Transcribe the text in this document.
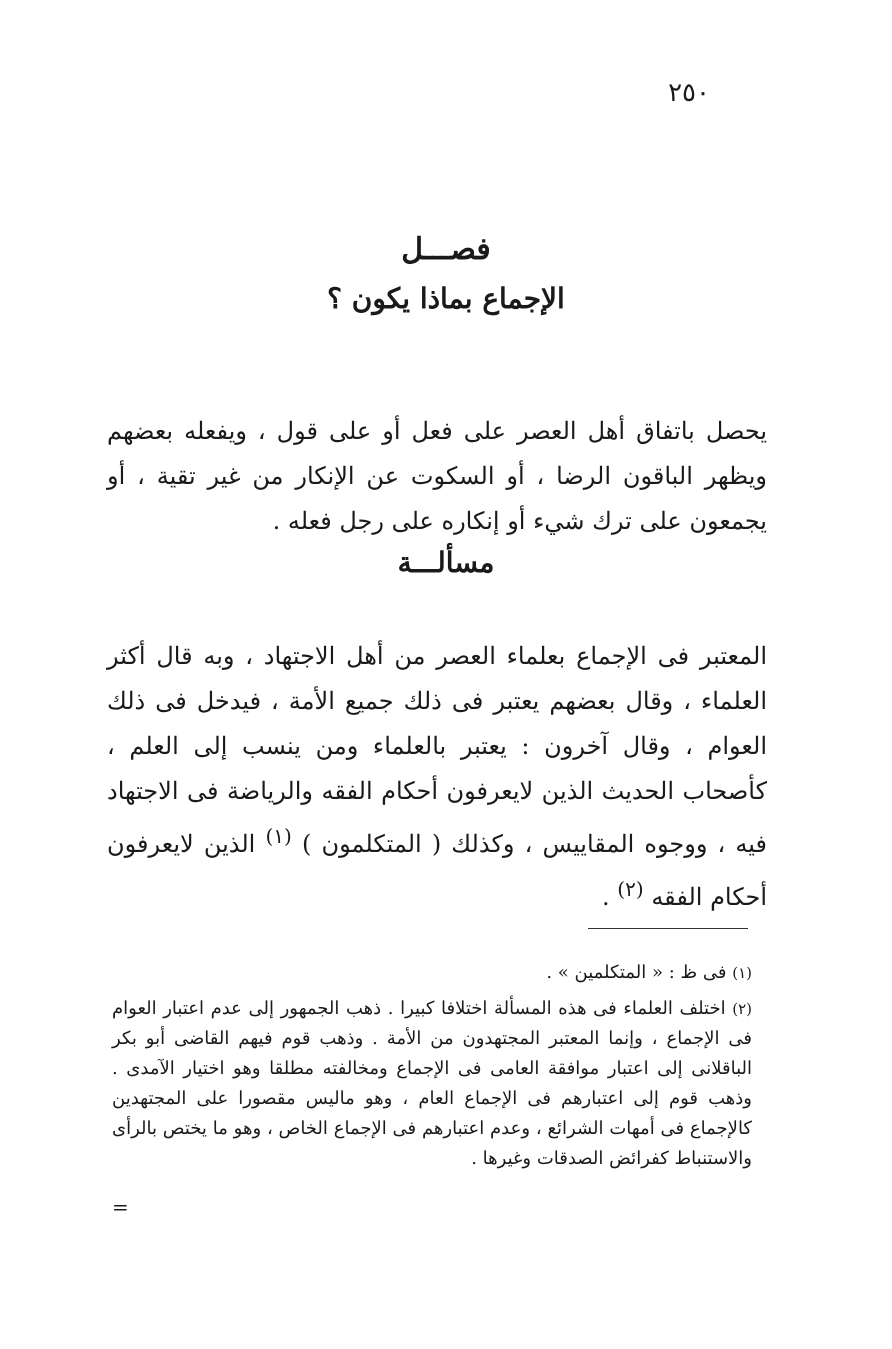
٢٥٠
فصـــل
الإجماع بماذا يكون ؟

يحصل باتفاق أهل العصر على فعل أو على قول ، ويفعله بعضهم ويظهر الباقون الرضا ، أو السكوت عن الإنكار من غير تقية ، أو يجمعون على ترك شيء أو إنكاره على رجل فعله .

مسألـــة

المعتبر فى الإجماع بعلماء العصر من أهل الاجتهاد ، وبه قال أكثر العلماء ، وقال بعضهم يعتبر فى ذلك جميع الأمة ، فيدخل فى ذلك العوام ، وقال آخرون : يعتبر بالعلماء ومن ينسب إلى العلم ، كأصحاب الحديث الذين لايعرفون أحكام الفقه والرياضة فى الاجتهاد فيه ، ووجوه المقاييس ، وكذلك ( المتكلمون ) $^{(١)}$ الذين لايعرفون أحكام الفقه $^{(٢)}$ .

(١) فى ظ : « المتكلمين » .

(٢) اختلف العلماء فى هذه المسألة اختلافا كبيرا . ذهب الجمهور إلى عدم اعتبار العوام فى الإجماع ، وإنما المعتبر المجتهدون من الأمة . وذهب قوم فيهم القاضى أبو بكر الباقلانى إلى اعتبار موافقة العامى فى الإجماع ومخالفته مطلقا وهو اختيار الآمدى . وذهب قوم إلى اعتبارهم فى الإجماع العام ، وهو ماليس مقصورا على المجتهدين كالإجماع فى أمهات الشرائع ، وعدم اعتبارهم فى الإجماع الخاص ، وهو ما يختص بالرأى والاستنباط كفرائض الصدقات وغيرها .

=
